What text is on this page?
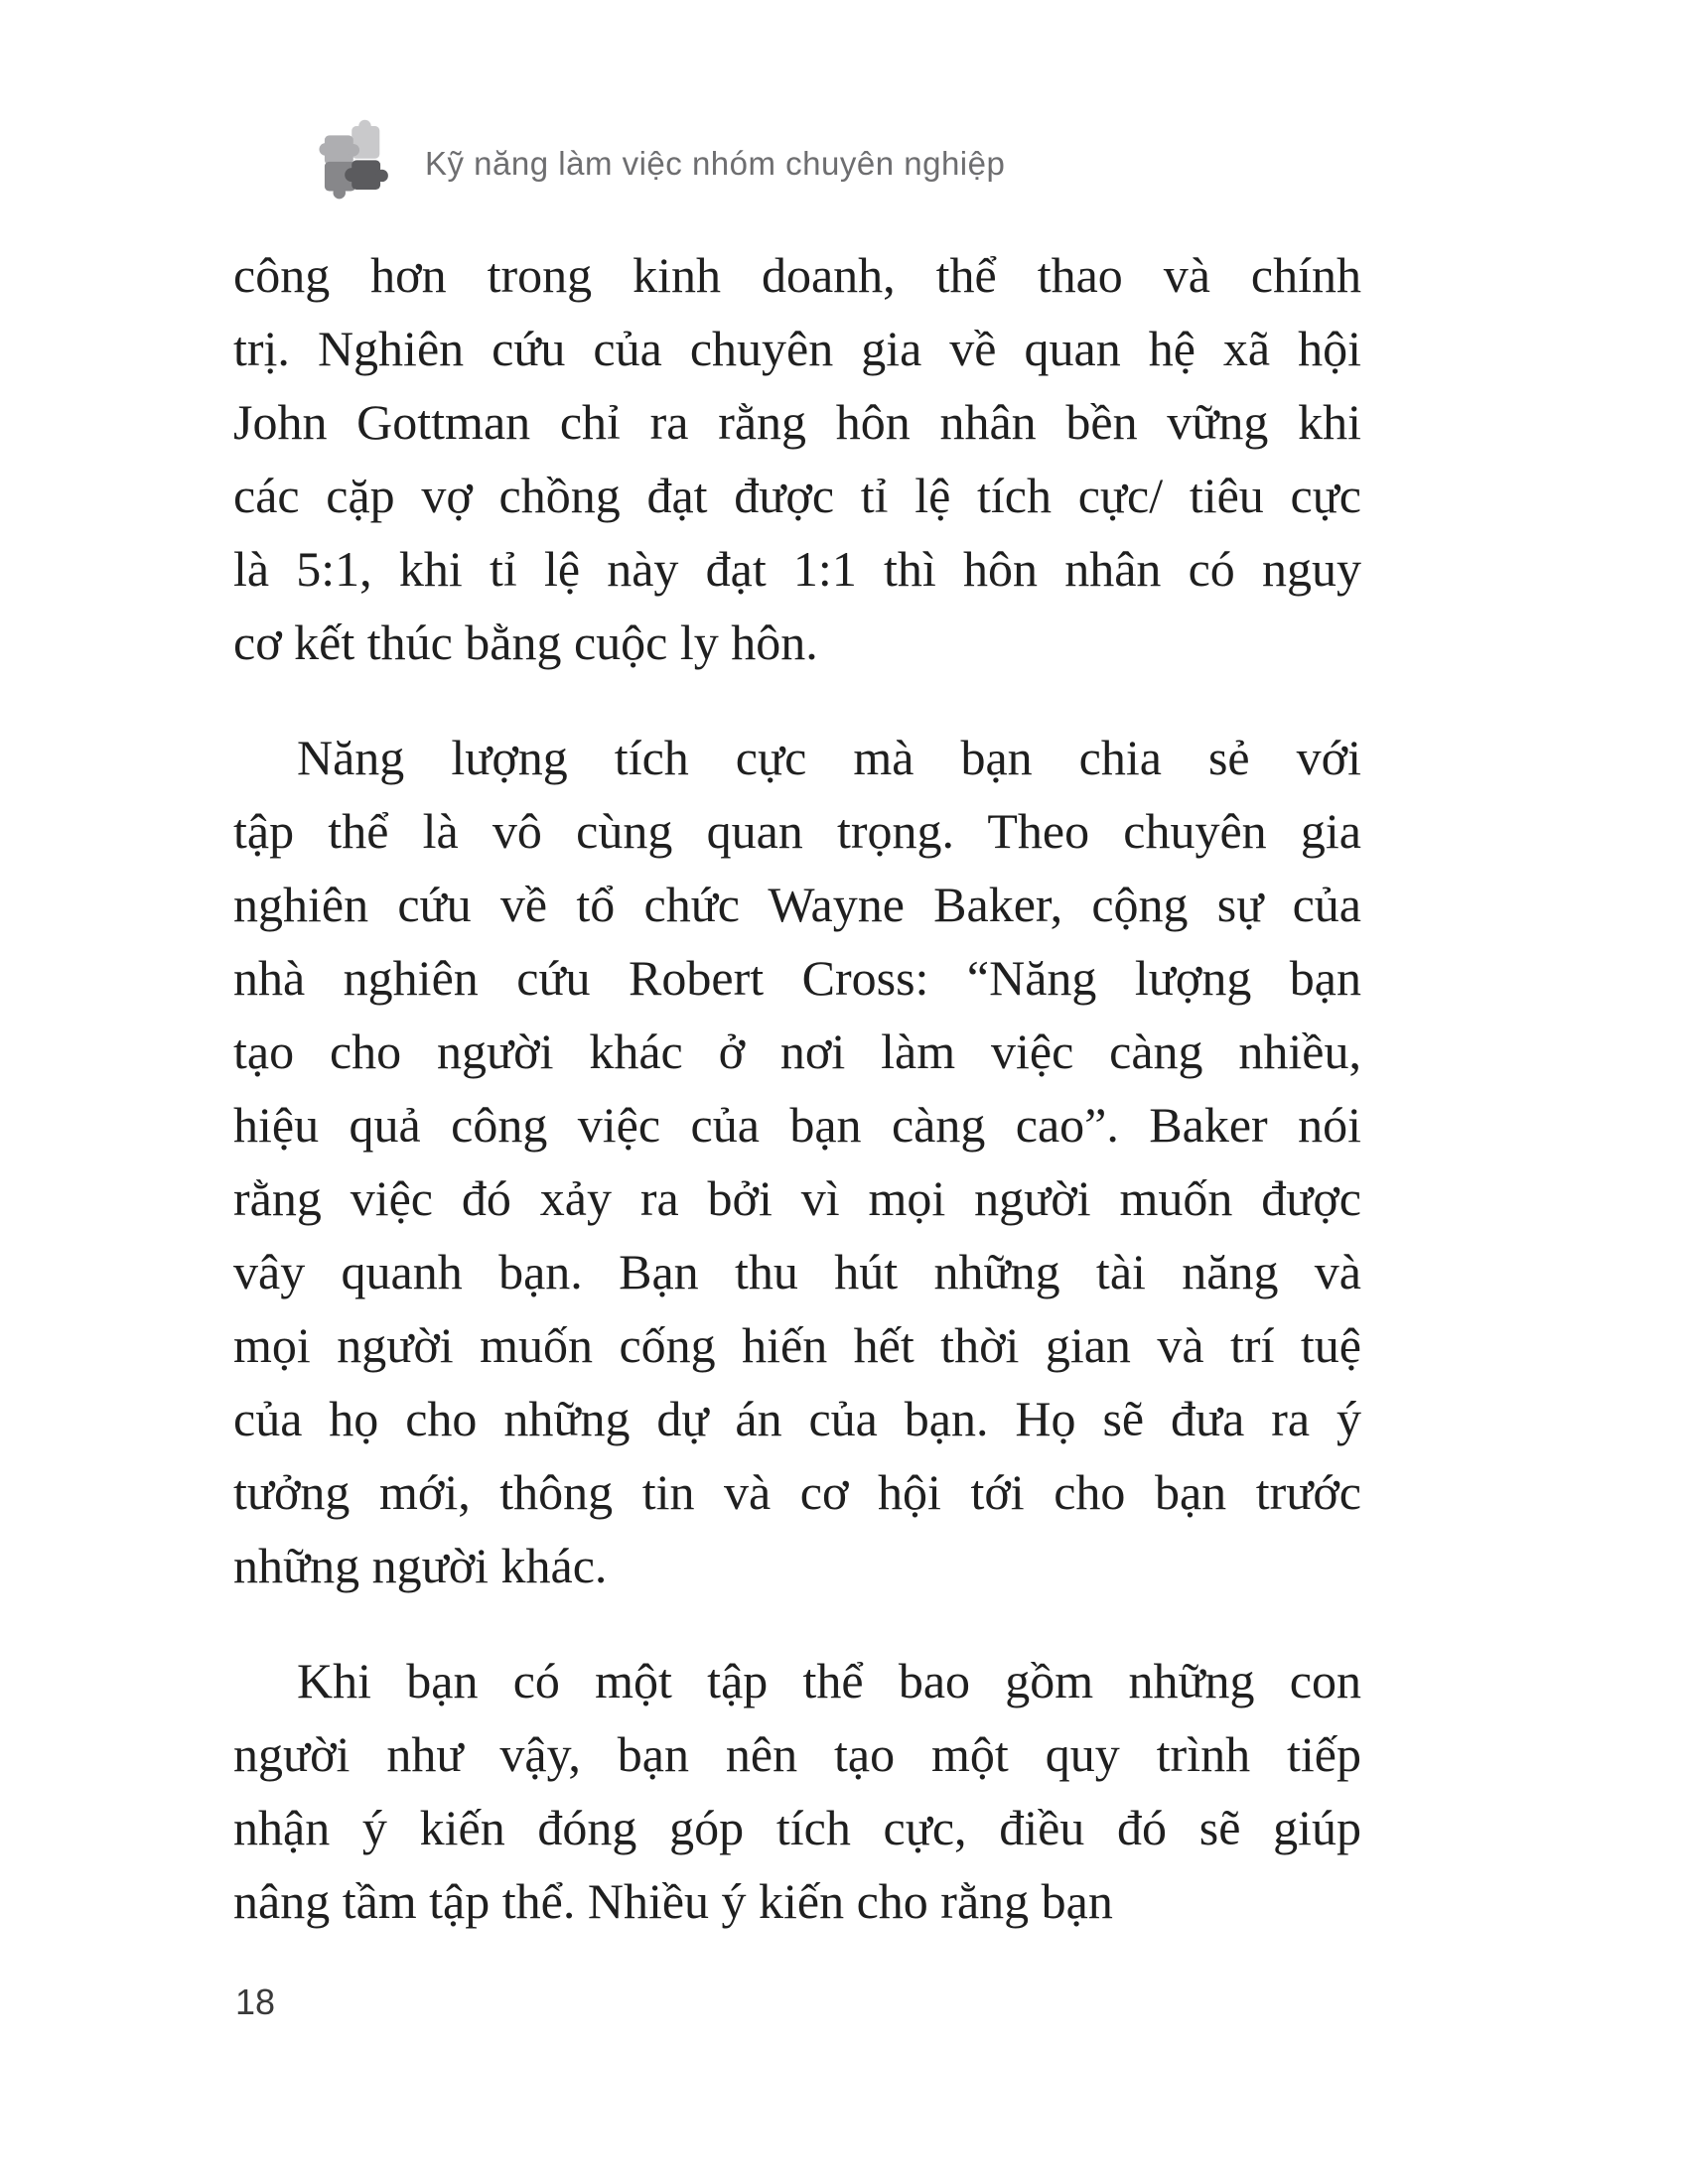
Kỹ năng làm việc nhóm chuyên nghiệp

công hơn trong kinh doanh, thể thao và chính
trị. Nghiên cứu của chuyên gia về quan hệ xã hội
John Gottman chỉ ra rằng hôn nhân bền vững khi
các cặp vợ chồng đạt được tỉ lệ tích cực/ tiêu cực
là 5:1, khi tỉ lệ này đạt 1:1 thì hôn nhân có nguy
cơ kết thúc bằng cuộc ly hôn.

Năng lượng tích cực mà bạn chia sẻ với
tập thể là vô cùng quan trọng. Theo chuyên gia
nghiên cứu về tổ chức Wayne Baker, cộng sự của
nhà nghiên cứu Robert Cross: “Năng lượng bạn
tạo cho người khác ở nơi làm việc càng nhiều,
hiệu quả công việc của bạn càng cao”. Baker nói
rằng việc đó xảy ra bởi vì mọi người muốn được
vây quanh bạn. Bạn thu hút những tài năng và
mọi người muốn cống hiến hết thời gian và trí tuệ
của họ cho những dự án của bạn. Họ sẽ đưa ra ý
tưởng mới, thông tin và cơ hội tới cho bạn trước
những người khác.

Khi bạn có một tập thể bao gồm những con
người như vậy, bạn nên tạo một quy trình tiếp
nhận ý kiến đóng góp tích cực, điều đó sẽ giúp
nâng tầm tập thể. Nhiều ý kiến cho rằng bạn

18
